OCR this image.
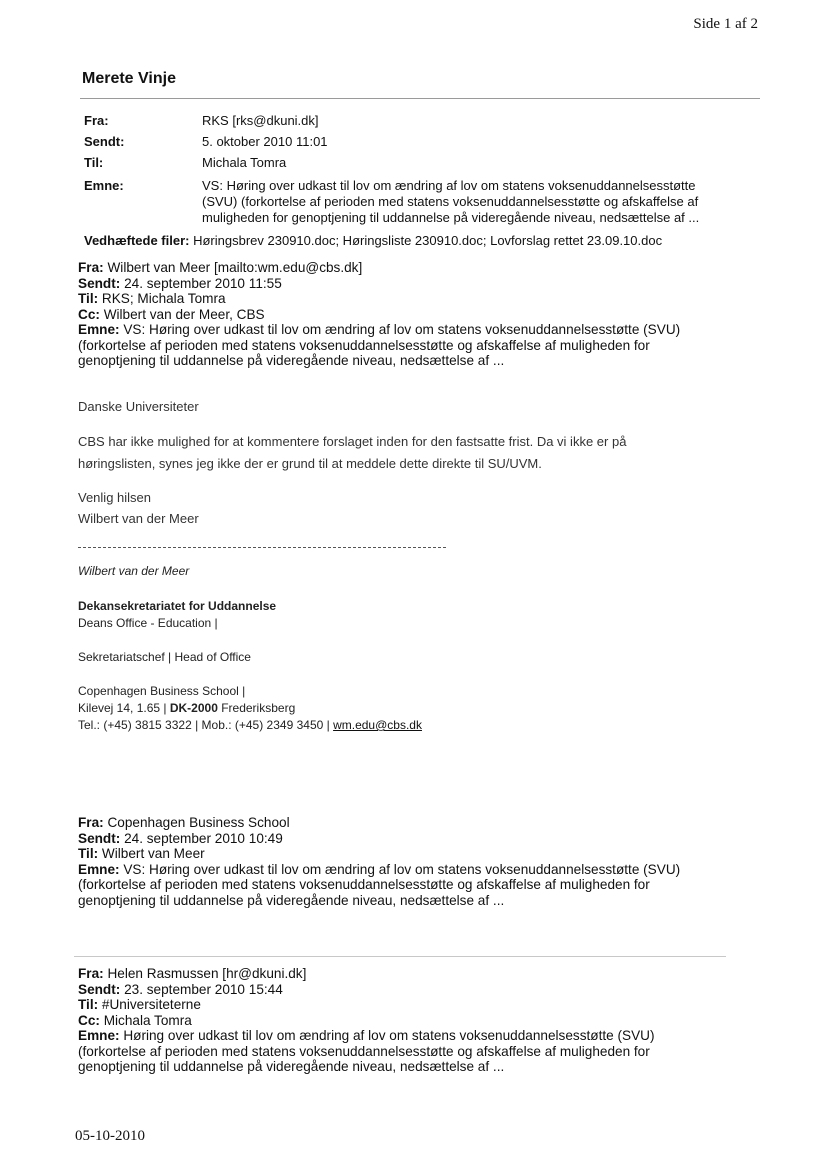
Side 1 af 2
Merete Vinje
Fra:	RKS [rks@dkuni.dk]
Sendt:	5. oktober 2010 11:01
Til:	Michala Tomra
Emne:	VS: Høring over udkast til lov om ændring af lov om statens voksenuddannelsesstøtte
(SVU) (forkortelse af perioden med statens voksenuddannelsesstøtte og afskaffelse af
muligheden for genoptjening til uddannelse på videregående niveau, nedsættelse af ...
Vedhæftede filer: Høringsbrev 230910.doc; Høringsliste 230910.doc; Lovforslag rettet 23.09.10.doc
Fra: Wilbert van Meer [mailto:wm.edu@cbs.dk]
Sendt: 24. september 2010 11:55
Til: RKS; Michala Tomra
Cc: Wilbert van der Meer, CBS
Emne: VS: Høring over udkast til lov om ændring af lov om statens voksenuddannelsesstøtte (SVU)
(forkortelse af perioden med statens voksenuddannelsesstøtte og afskaffelse af muligheden for
genoptjening til uddannelse på videregående niveau, nedsættelse af ...
Danske Universiteter
CBS har ikke mulighed for at kommentere forslaget inden for den fastsatte frist. Da vi ikke er på
høringslisten, synes jeg ikke der er grund til at meddele dette direkte til SU/UVM.
Venlig hilsen
Wilbert van der Meer
Wilbert van der Meer
Dekansekretariatet for Uddannelse
Deans Office - Education |
Sekretariatschef | Head of Office
Copenhagen Business School |
Kilevej 14, 1.65 | DK-2000 Frederiksberg
Tel.: (+45) 3815 3322 | Mob.: (+45) 2349 3450 | wm.edu@cbs.dk
Fra: Copenhagen Business School
Sendt: 24. september 2010 10:49
Til: Wilbert van Meer
Emne: VS: Høring over udkast til lov om ændring af lov om statens voksenuddannelsesstøtte (SVU)
(forkortelse af perioden med statens voksenuddannelsesstøtte og afskaffelse af muligheden for
genoptjening til uddannelse på videregående niveau, nedsættelse af ...
Fra: Helen Rasmussen [hr@dkuni.dk]
Sendt: 23. september 2010 15:44
Til: #Universiteterne
Cc: Michala Tomra
Emne: Høring over udkast til lov om ændring af lov om statens voksenuddannelsesstøtte (SVU)
(forkortelse af perioden med statens voksenuddannelsesstøtte og afskaffelse af muligheden for
genoptjening til uddannelse på videregående niveau, nedsættelse af ...
05-10-2010
